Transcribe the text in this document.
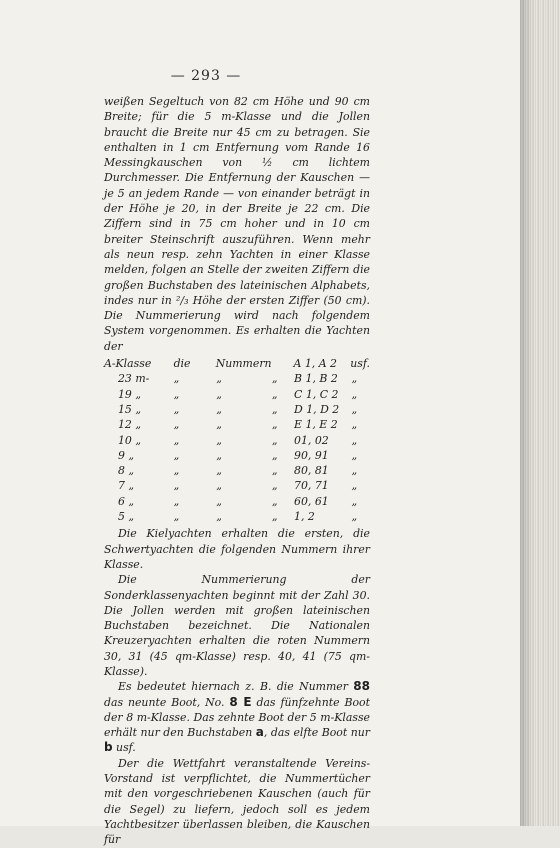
— 293 —

weißen Segeltuch von 82 cm Höhe und 90 cm Breite; für die 5 m-Klasse und die Jollen braucht die Breite nur 45 cm zu betragen. Sie enthalten in 1 cm Entfernung vom Rande 16 Messingkauschen von ½ cm lichtem Durchmesser. Die Entfernung der Kauschen — je 5 an jedem Rande — von einander beträgt in der Höhe je 20, in der Breite je 22 cm. Die Ziffern sind in 75 cm hoher und in 10 cm breiter Steinschrift auszuführen. Wenn mehr als neun resp. zehn Yachten in einer Klasse melden, folgen an Stelle der zweiten Ziffern die großen Buchstaben des lateinischen Alphabets, indes nur in ²/₃ Höhe der ersten Ziffer (50 cm). Die Nummerierung wird nach folgendem System vorgenommen. Es erhalten die Yachten der

A-Klasse	die	Nummern A 1, A 2	usf.
23 m-	„	„	„	B 1, B 2	„
19 „	„	„	„	C 1, C 2	„
15 „	„	„	„	D 1, D 2	„
12 „	„	„	„	E 1, E 2	„
10 „	„	„	„	01, 02	„
9 „	„	„	„	90, 91	„
8 „	„	„	„	80, 81	„
7 „	„	„	„	70, 71	„
6 „	„	„	„	60, 61	„
5 „	„	„	„	1, 2	„

Die Kielyachten erhalten die ersten, die Schwertyachten die folgenden Nummern ihrer Klasse.

Die Nummerierung der Sonderklassenyachten beginnt mit der Zahl 30. Die Jollen werden mit großen lateinischen Buchstaben bezeichnet. Die Nationalen Kreuzeryachten erhalten die roten Nummern 30, 31 (45 qm-Klasse) resp. 40, 41 (75 qm-Klasse).

Es bedeutet hiernach z. B. die Nummer 88 das neunte Boot, No. 8 E das fünfzehnte Boot der 8 m-Klasse. Das zehnte Boot der 5 m-Klasse erhält nur den Buchstaben a, das elfte Boot nur b usf.

Der die Wettfahrt veranstaltende Vereins-Vorstand ist verpflichtet, die Nummertücher mit den vorgeschriebenen Kauschen (auch für die Segel) zu liefern, jedoch soll es jedem Yachtbesitzer überlassen bleiben, die Kauschen für
